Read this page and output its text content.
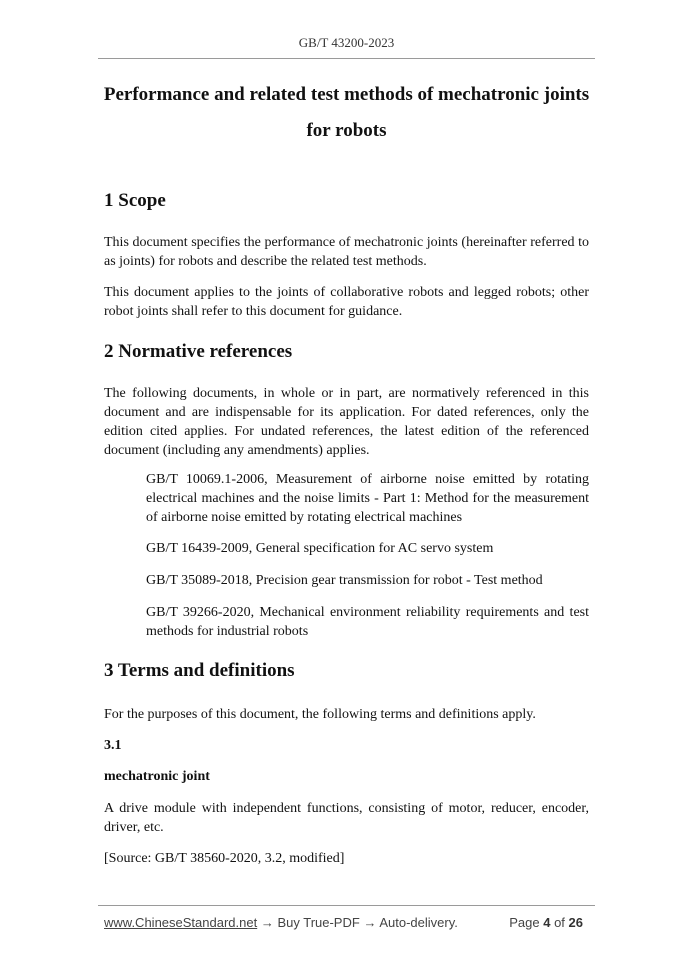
GB/T 43200-2023
Performance and related test methods of mechatronic joints
for robots
1 Scope

This document specifies the performance of mechatronic joints (hereinafter referred to as joints) for robots and describe the related test methods.

This document applies to the joints of collaborative robots and legged robots; other robot joints shall refer to this document for guidance.

2 Normative references

The following documents, in whole or in part, are normatively referenced in this document and are indispensable for its application. For dated references, only the edition cited applies. For undated references, the latest edition of the referenced document (including any amendments) applies.

GB/T 10069.1-2006, Measurement of airborne noise emitted by rotating electrical machines and the noise limits - Part 1: Method for the measurement of airborne noise emitted by rotating electrical machines

GB/T 16439-2009, General specification for AC servo system

GB/T 35089-2018, Precision gear transmission for robot - Test method

GB/T 39266-2020, Mechanical environment reliability requirements and test methods for industrial robots

3 Terms and definitions

For the purposes of this document, the following terms and definitions apply.

3.1

mechatronic joint

A drive module with independent functions, consisting of motor, reducer, encoder, driver, etc.

[Source: GB/T 38560-2020, 3.2, modified]

www.ChineseStandard.net → Buy True-PDF → Auto-delivery.	Page 4 of 26
